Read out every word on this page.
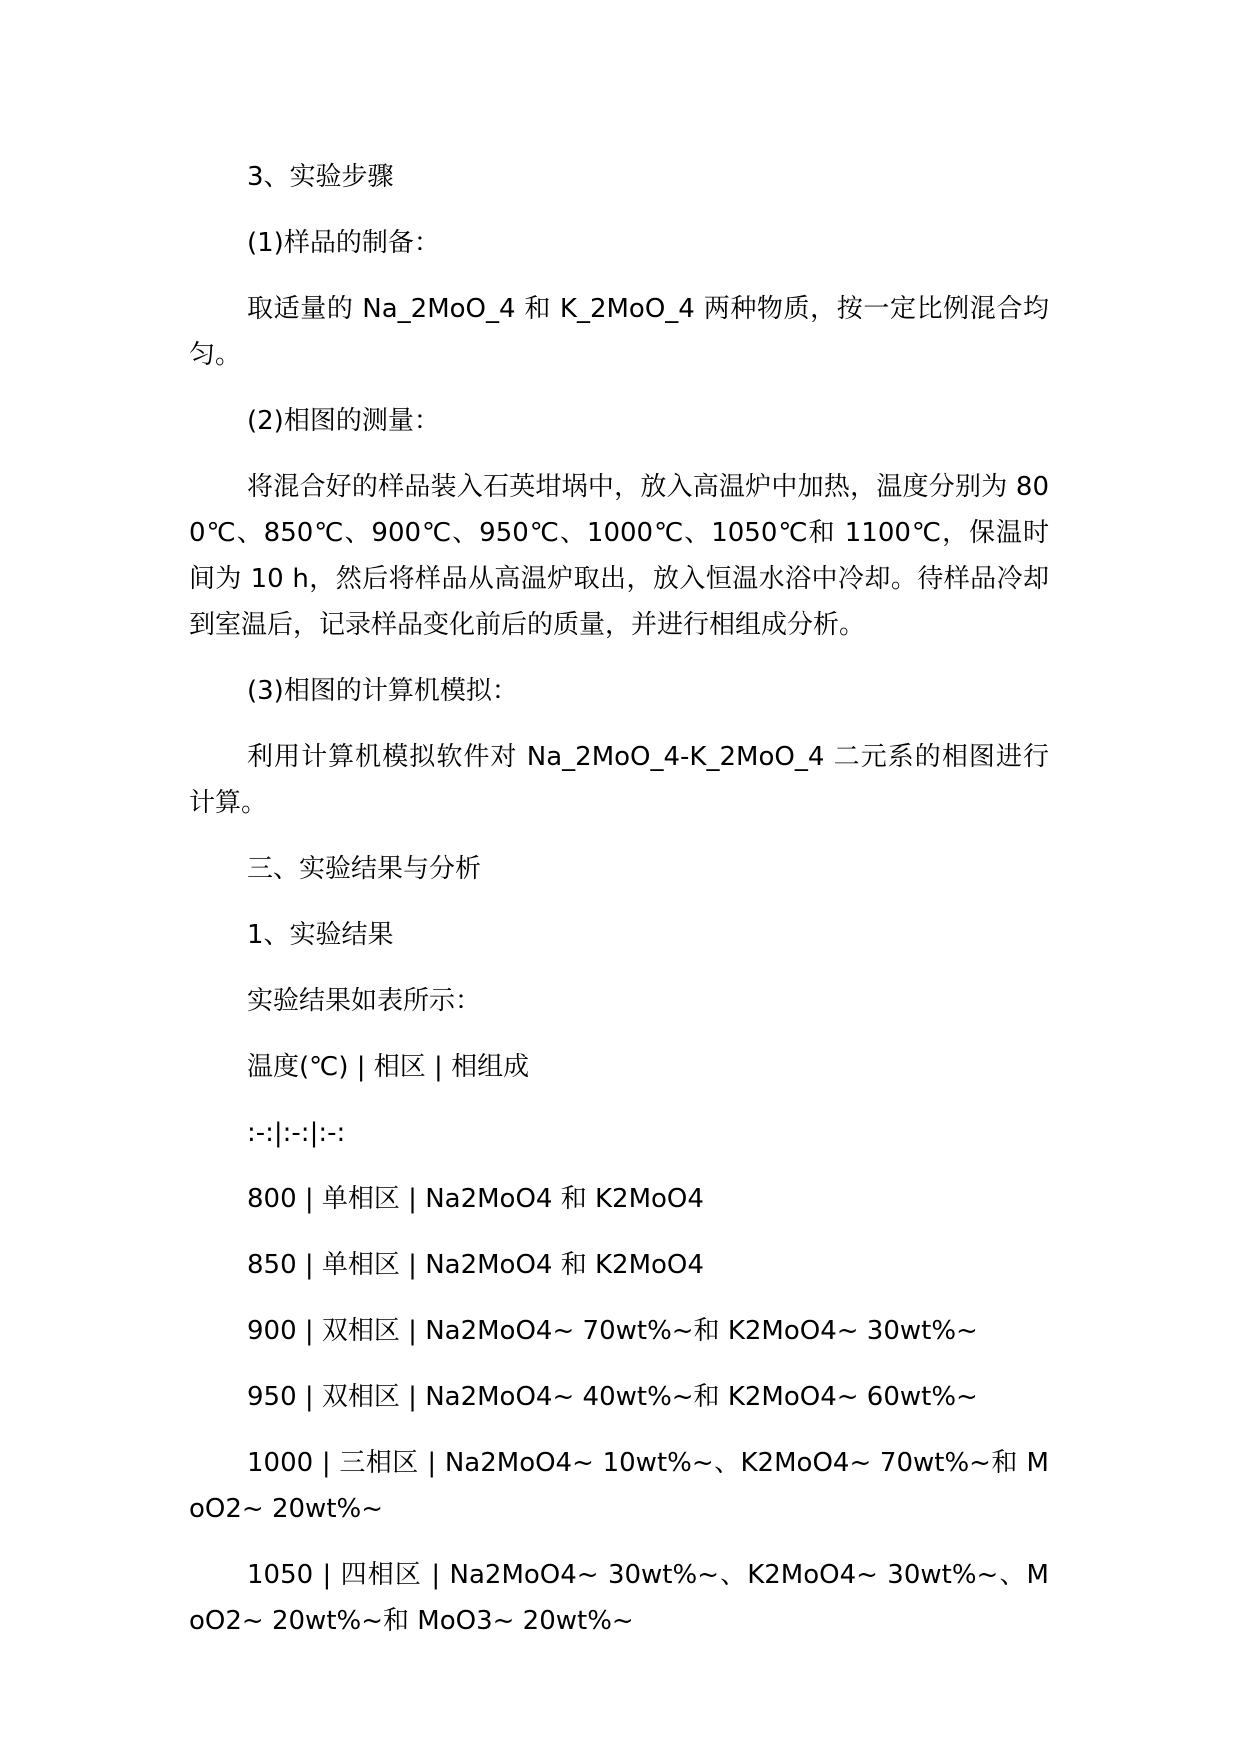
3、实验步骤

(1)样品的制备：

取适量的 Na_2MoO_4 和 K_2MoO_4 两种物质，按一定比例混合均匀。

(2)相图的测量：

将混合好的样品装入石英坩埚中，放入高温炉中加热，温度分别为 800℃、850℃、900℃、950℃、1000℃、1050℃和 1100℃，保温时间为 10 h，然后将样品从高温炉取出，放入恒温水浴中冷却。待样品冷却到室温后，记录样品变化前后的质量，并进行相组成分析。

(3)相图的计算机模拟：

利用计算机模拟软件对 Na_2MoO_4-K_2MoO_4 二元系的相图进行计算。

三、实验结果与分析

1、实验结果

实验结果如表所示：

温度(℃) | 相区 | 相组成

:-:|:-:|:-:

800 | 单相区 | Na2MoO4 和 K2MoO4

850 | 单相区 | Na2MoO4 和 K2MoO4

900 | 双相区 | Na2MoO4~ 70wt%~和 K2MoO4~ 30wt%~

950 | 双相区 | Na2MoO4~ 40wt%~和 K2MoO4~ 60wt%~

1000 | 三相区 | Na2MoO4~ 10wt%~、K2MoO4~ 70wt%~和 MoO2~ 20wt%~

1050 | 四相区 | Na2MoO4~ 30wt%~、K2MoO4~ 30wt%~、MoO2~ 20wt%~和 MoO3~ 20wt%~
